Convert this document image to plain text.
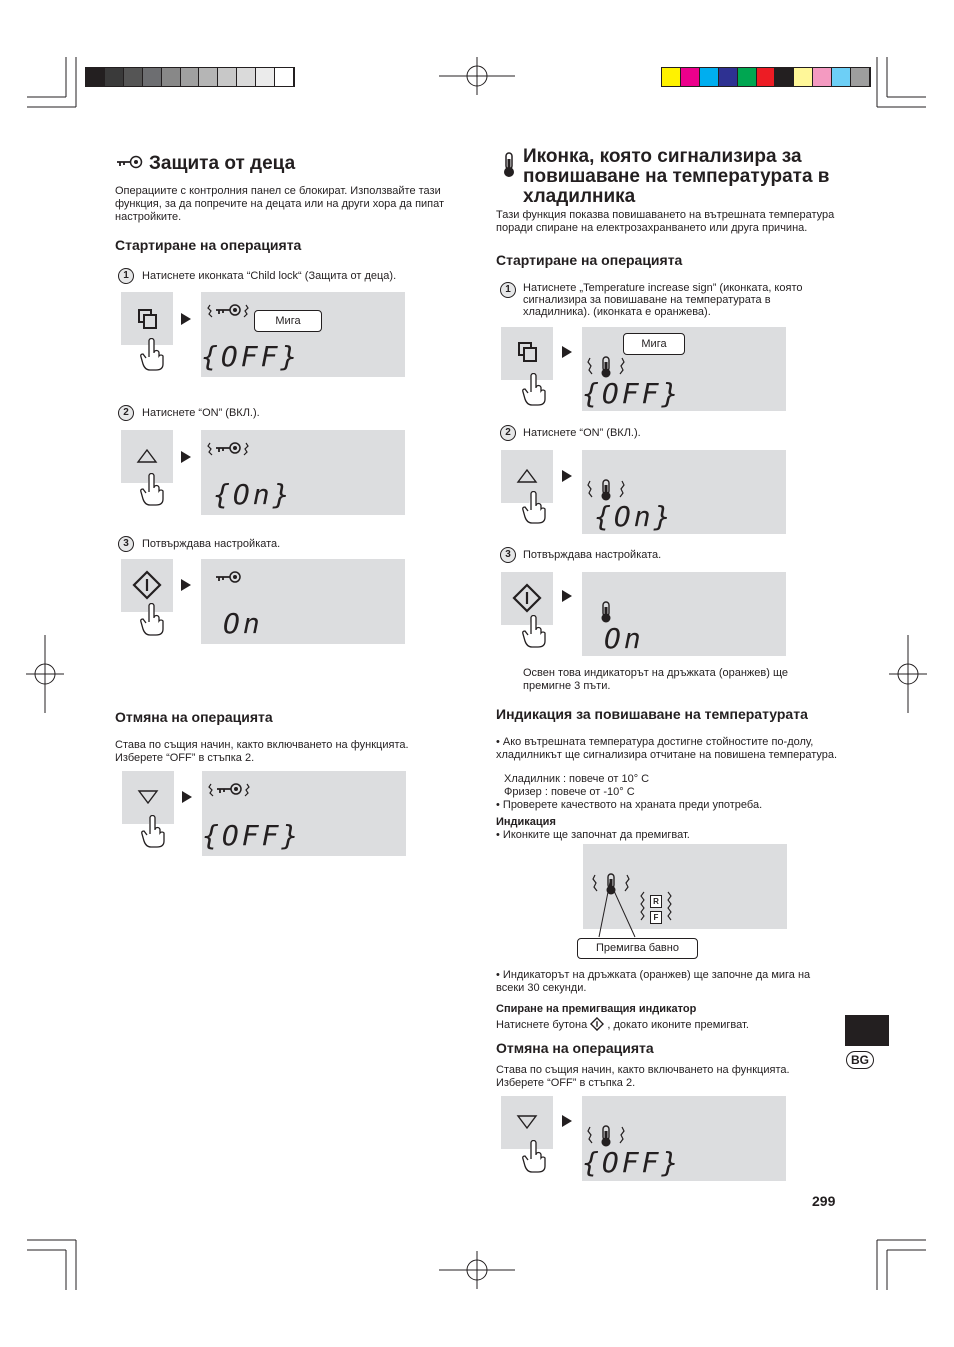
Защита от деца
Операциите с контролния панел се блокират. Използвайте тази функция, за да попречите на децата или на други хора да пипат настройките.
Стартиране на операцията
1	Натиснете иконката “Child lock“ (Защита от деца).
{OFF}
Мига
2	Натиснете “ON” (ВКЛ.).
{On}
3	Потвърждава настройката.
On
Отмяна на операцията
Става по същия начин, както включването на функцията. Изберете “OFF” в стъпка 2.
{OFF}
Иконка, която сигнализира за повишаване на температурата в хладилника
Тази функция показва повишаването на вътрешната температура поради спиране на електрозахранването или друга причина.
Стартиране на операцията
1	Натиснете „Temperature increase sign” (иконката, която сигнализира за повишаване на температурата в хладилника). (иконката е оранжева).
{OFF}
Мига
2	Натиснете “ON” (ВКЛ.).
{On}
3	Потвърждава настройката.
On
Освен това индикаторът на дръжката (оранжев) ще премигне 3 пъти.
Индикация за повишаване на температурата
• Ако вътрешната температура достигне стойностите по-долу, хладилникът ще сигнализира отчитане на повишена температура.
Хладилник : повече от 10° C
Фризер : повече от -10° C
• Проверете качеството на храната преди употреба.
Индикация
• Иконките ще започнат да премигват.
R
F
Премигва бавно
• Индикаторът на дръжката (оранжев) ще започне да мига на всеки 30 секунди.
Спиране на премигващия индикатор
Натиснете бутона , докато иконите премигват.
Отмяна на операцията
Става по същия начин, както включването на функцията. Изберете “OFF” в стъпка 2.
{OFF}
BG
299
